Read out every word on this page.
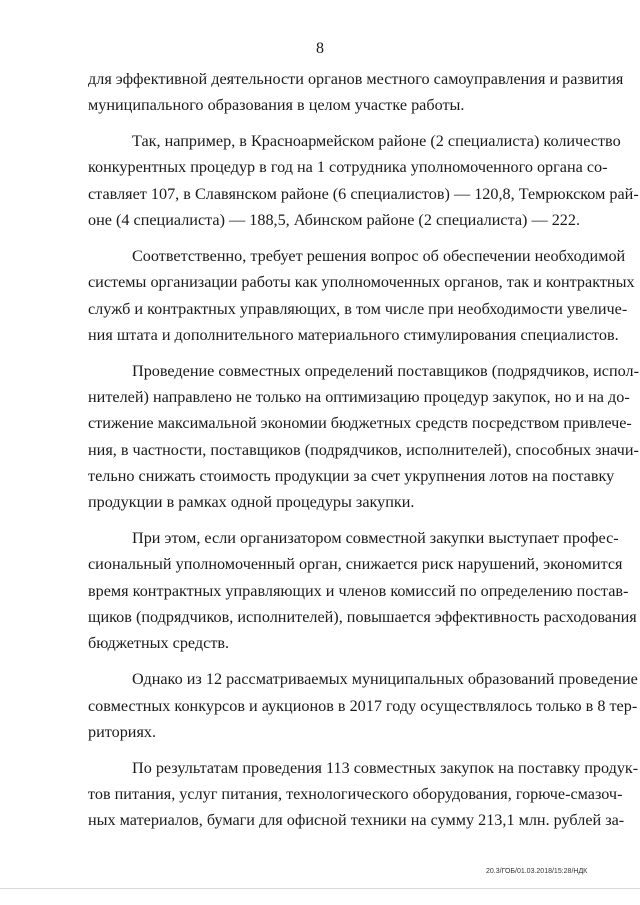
8
для эффективной деятельности органов местного самоуправления и развития
муниципального образования в целом участке работы.
Так, например, в Красноармейском районе (2 специалиста) количество
конкурентных процедур в год на 1 сотрудника уполномоченного органа со-
ставляет 107, в Славянском районе (6 специалистов) — 120,8, Темрюкском рай-
оне (4 специалиста) — 188,5, Абинском районе (2 специалиста) — 222.
Соответственно, требует решения вопрос об обеспечении необходимой
системы организации работы как уполномоченных органов, так и контрактных
служб и контрактных управляющих, в том числе при необходимости увеличе-
ния штата и дополнительного материального стимулирования специалистов.
Проведение совместных определений поставщиков (подрядчиков, испол-
нителей) направлено не только на оптимизацию процедур закупок, но и на до-
стижение максимальной экономии бюджетных средств посредством привлече-
ния, в частности, поставщиков (подрядчиков, исполнителей), способных значи-
тельно снижать стоимость продукции за счет укрупнения лотов на поставку
продукции в рамках одной процедуры закупки.
При этом, если организатором совместной закупки выступает профес-
сиональный уполномоченный орган, снижается риск нарушений, экономится
время контрактных управляющих и членов комиссий по определению постав-
щиков (подрядчиков, исполнителей), повышается эффективность расходования
бюджетных средств.
Однако из 12 рассматриваемых муниципальных образований проведение
совместных конкурсов и аукционов в 2017 году осуществлялось только в 8 тер-
риториях.
По результатам проведения 113 совместных закупок на поставку продук-
тов питания, услуг питания, технологического оборудования, горюче-смазоч-
ных материалов, бумаги для офисной техники на сумму 213,1 млн. рублей за-
20.3/ГОБ/01.03.2018/15:28/НДК
